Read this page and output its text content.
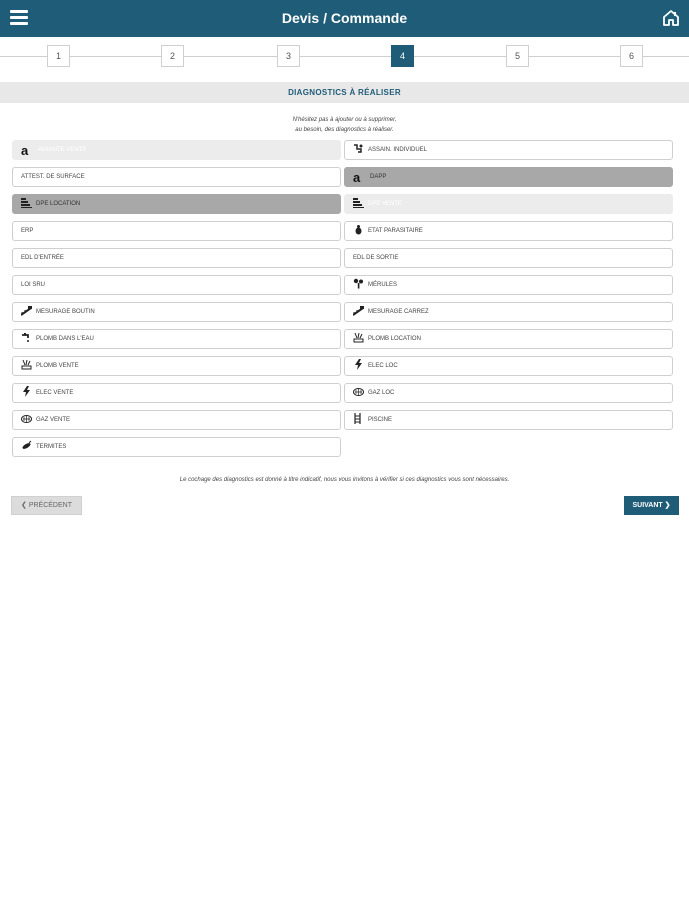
Devis / Commande
1	2	3	4	5	6
DIAGNOSTICS À RÉALISER
N'hésitez pas à ajouter ou à supprimer,
au besoin, des diagnostics à réaliser.
a AMIANTE VENTE	ASSAIN. INDIVIDUEL
ATTEST. DE SURFACE	a DAPP
DPE LOCATION	DPE VENTE
ERP	ETAT PARASITAIRE
EDL D'ENTRÉE	EDL DE SORTIE
LOI SRU	MÉRULES
MESURAGE BOUTIN	MESURAGE CARREZ
PLOMB DANS L'EAU	PLOMB LOCATION
PLOMB VENTE	ELEC LOC
ELEC VENTE	GAZ LOC
GAZ VENTE	PISCINE
TERMITES
Le cochage des diagnostics est donné à titre indicatif, nous vous invitons à vérifier si ces diagnostics vous sont nécessaires.
❮ PRÉCÉDENT	SUIVANT ❯
